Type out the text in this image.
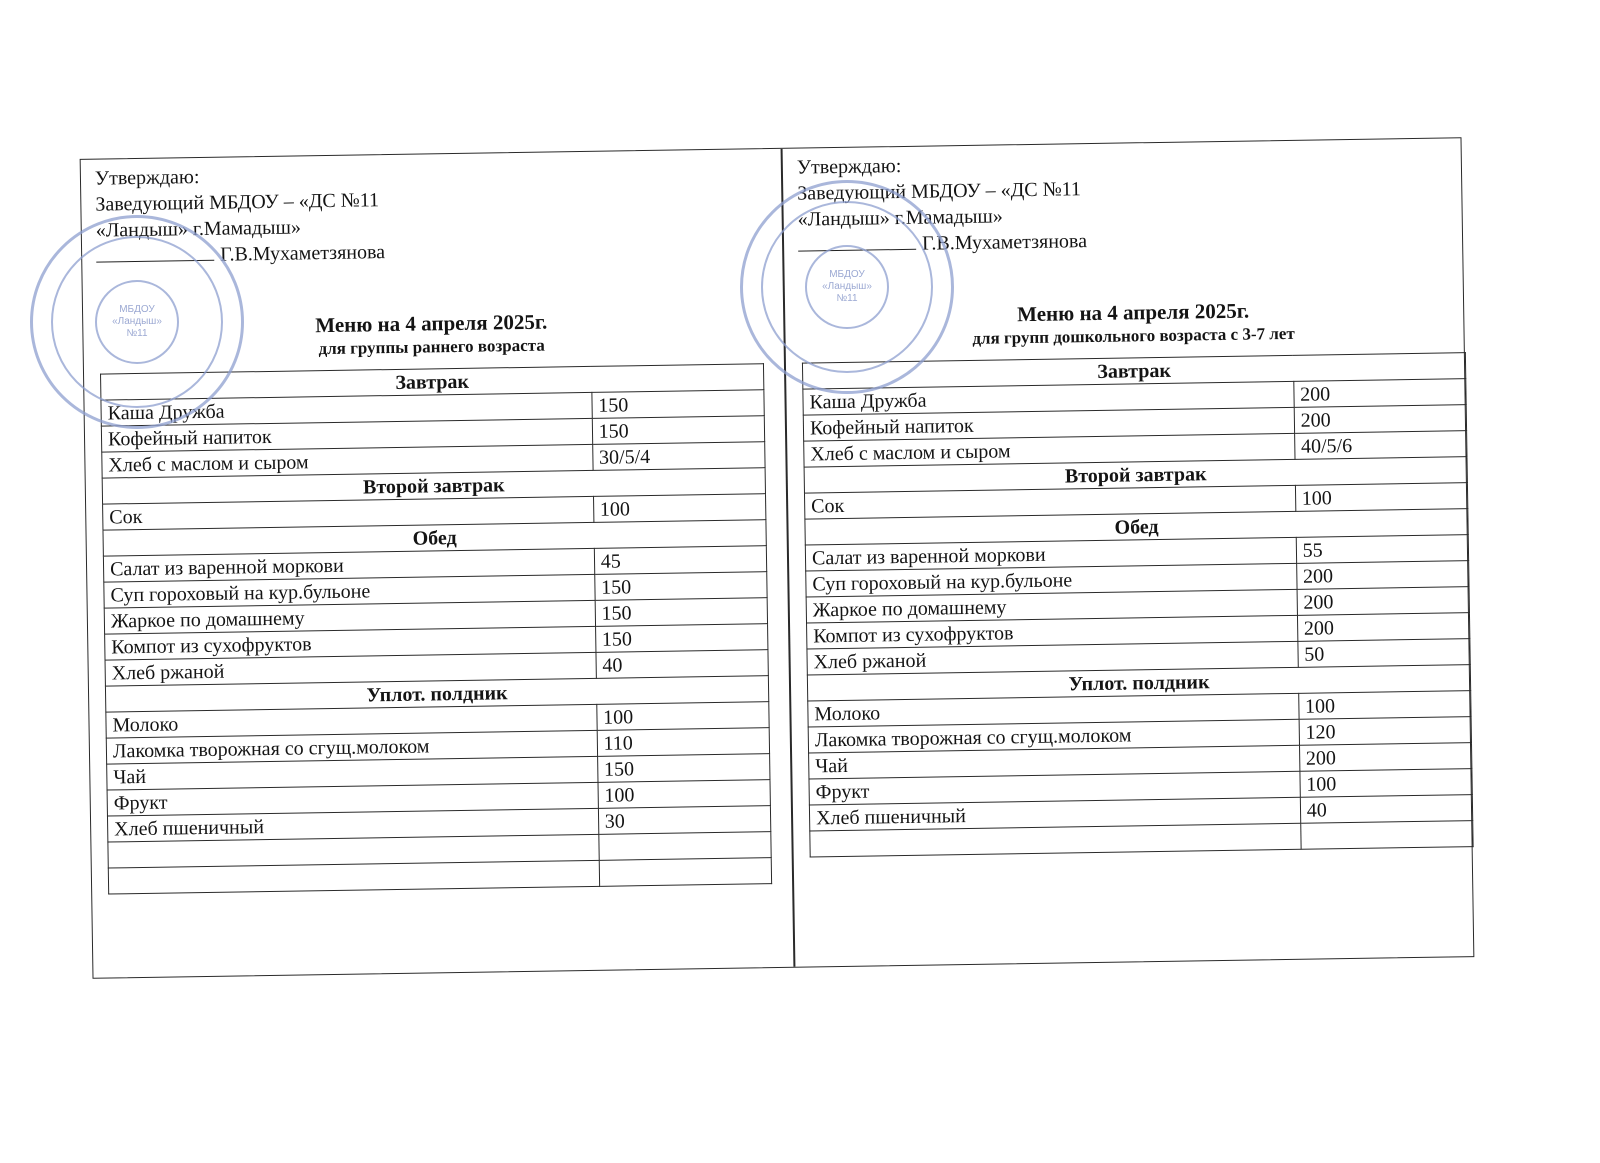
Утверждаю:
Заведующий МБДОУ – «ДС №11
«Ландыш» г.Мамадыш»
Г.В.Мухаметзянова
Меню на 4 апреля 2025г.
для группы раннего возраста
Завтрак	
Каша Дружба	150
Кофейный напиток	150
Хлеб с маслом и сыром	30/5/4
Второй завтрак	
Сок	100
Обед	
Салат из варенной моркови	45
Суп гороховый на кур.бульоне	150
Жаркое по домашнему	150
Компот из сухофруктов	150
Хлеб ржаной	40
Уплот. полдник	
Молоко	100
Лакомка творожная со сгущ.молоком	110
Чай	150
Фрукт	100
Хлеб пшеничный	30

Утверждаю:
Заведующий МБДОУ – «ДС №11
«Ландыш» г.Мамадыш»
Г.В.Мухаметзянова
Меню на 4 апреля 2025г.
для групп дошкольного возраста с 3-7 лет
Завтрак	
Каша Дружба	200
Кофейный напиток	200
Хлеб с маслом и сыром	40/5/6
Второй завтрак	
Сок	100
Обед	
Салат из варенной моркови	55
Суп гороховый на кур.бульоне	200
Жаркое по домашнему	200
Компот из сухофруктов	200
Хлеб ржаной	50
Уплот. полдник	
Молоко	100
Лакомка творожная со сгущ.молоком	120
Чай	200
Фрукт	100
Хлеб пшеничный	40

МБДОУ
«Ландыш»
№11
МБДОУ
«Ландыш»
№11
